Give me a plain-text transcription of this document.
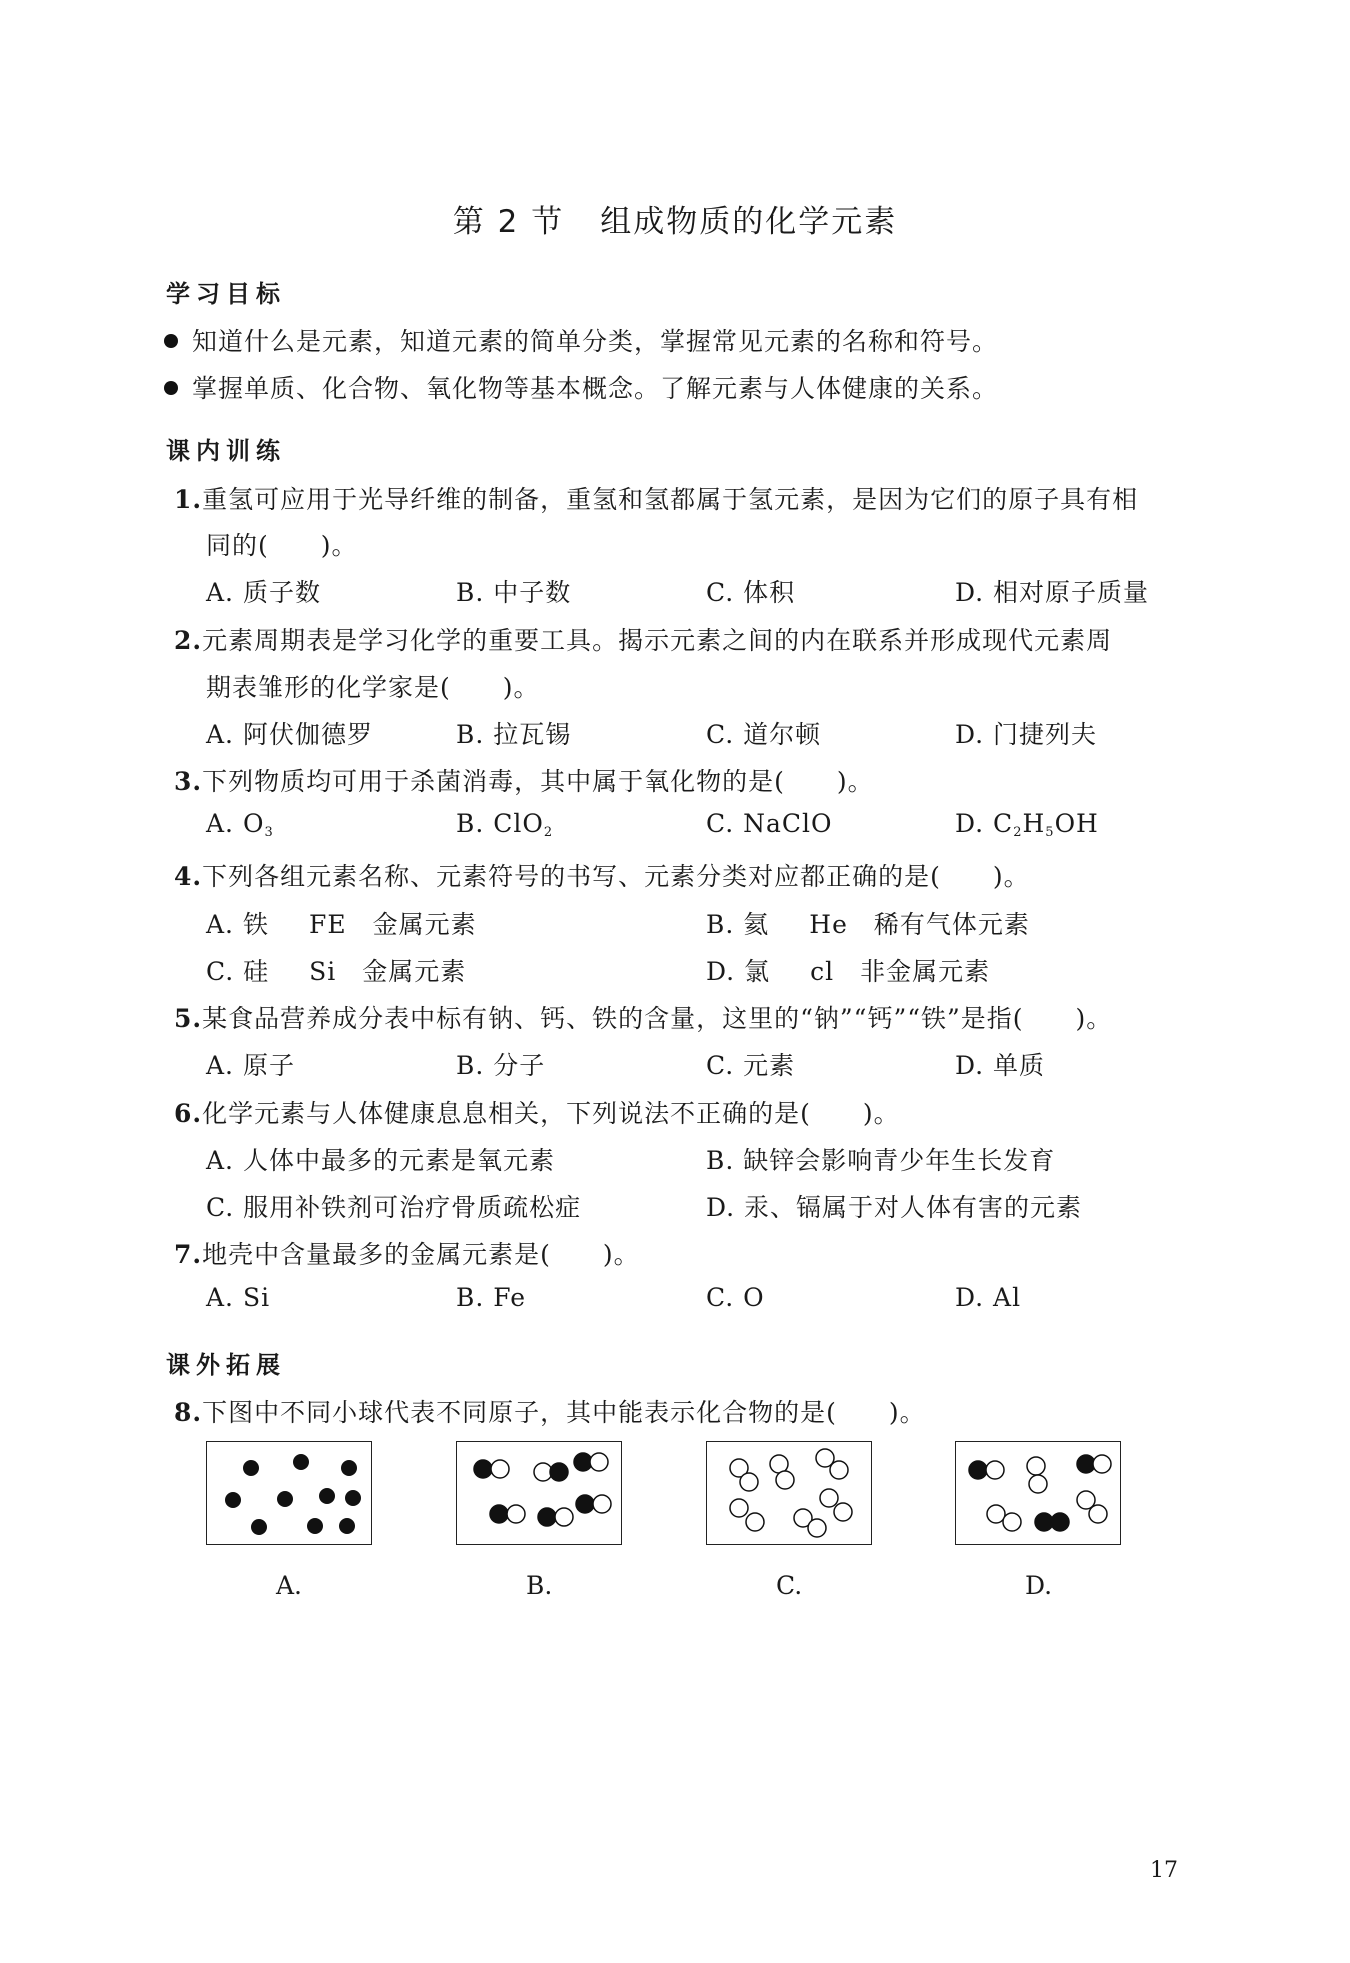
第 2 节 组成物质的化学元素
学习目标
知道什么是元素，知道元素的简单分类，掌握常见元素的名称和符号。
掌握单质、化合物、氧化物等基本概念。了解元素与人体健康的关系。
课内训练
1.重氢可应用于光导纤维的制备，重氢和氢都属于氢元素，是因为它们的原子具有相
同的(　　)。
A. 质子数	B. 中子数	C. 体积	D. 相对原子质量
2.元素周期表是学习化学的重要工具。揭示元素之间的内在联系并形成现代元素周
期表雏形的化学家是(　　)。
A. 阿伏伽德罗	B. 拉瓦锡	C. 道尔顿	D. 门捷列夫
3.下列物质均可用于杀菌消毒，其中属于氧化物的是(　　)。
A. $O_3$	B. ClO$_2$	C. NaClO	D. $C_2H_5OH$
4.下列各组元素名称、元素符号的书写、元素分类对应都正确的是(　　)。
A. 铁 FE 金属元素	B. 氦 He 稀有气体元素
C. 硅 Si 金属元素	D. 氯 cl 非金属元素
5.某食品营养成分表中标有钠、钙、铁的含量，这里的“钠”“钙”“铁”是指(　　)。
A. 原子	B. 分子	C. 元素	D. 单质
6.化学元素与人体健康息息相关，下列说法不正确的是(　　)。
A. 人体中最多的元素是氧元素	B. 缺锌会影响青少年生长发育
C. 服用补铁剂可治疗骨质疏松症	D. 汞、镉属于对人体有害的元素
7.地壳中含量最多的金属元素是(　　)。
A. Si	B. Fe	C. O	D. Al
课外拓展
8.下图中不同小球代表不同原子，其中能表示化合物的是(　　)。
A.	B.	C.	D.
17
